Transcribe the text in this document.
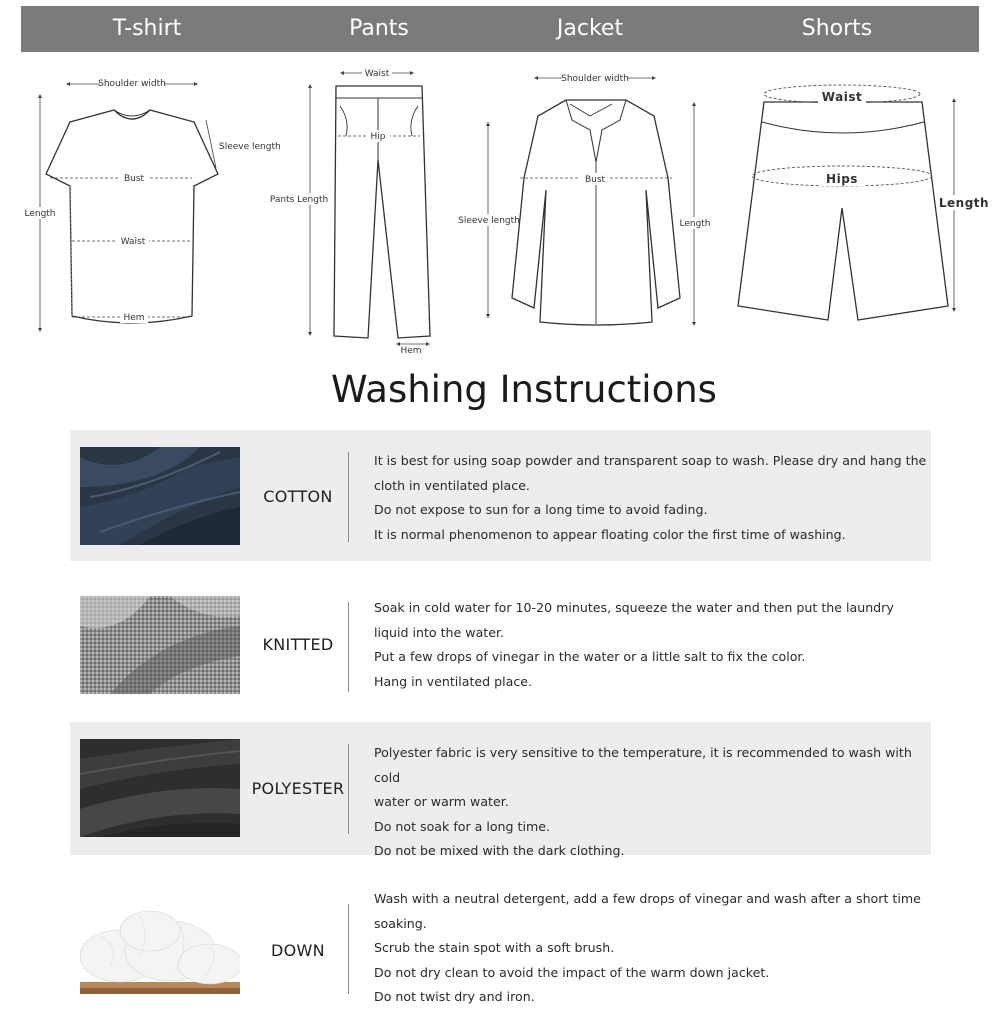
T-shirt	Pants	Jacket	Shorts
Shoulder width
Sleeve length
Bust
Length
Waist
Hem
Waist
Hip
Pants Length
Hem
Shoulder width
Bust
Sleeve length	Length
Waist
Hips
Length
Washing Instructions
COTTON

It is best for using soap powder and transparent soap to wash. Please dry and hang the

cloth in ventilated place.

Do not expose to sun for a long time to avoid fading.

It is normal phenomenon to appear floating color the first time of washing.

KNITTED

Soak in cold water for 10-20 minutes, squeeze the water and then put the laundry

liquid into the water.

Put a few drops of vinegar in the water or a little salt to fix the color.

Hang in ventilated place.

POLYESTER

Polyester fabric is very sensitive to the temperature, it is recommended to wash with cold

water or warm water.

Do not soak for a long time.

Do not be mixed with the dark clothing.

DOWN

Wash with a neutral detergent, add a few drops of vinegar and wash after a short time

soaking.

Scrub the stain spot with a soft brush.

Do not dry clean to avoid the impact of the warm down jacket.

Do not twist dry and iron.
